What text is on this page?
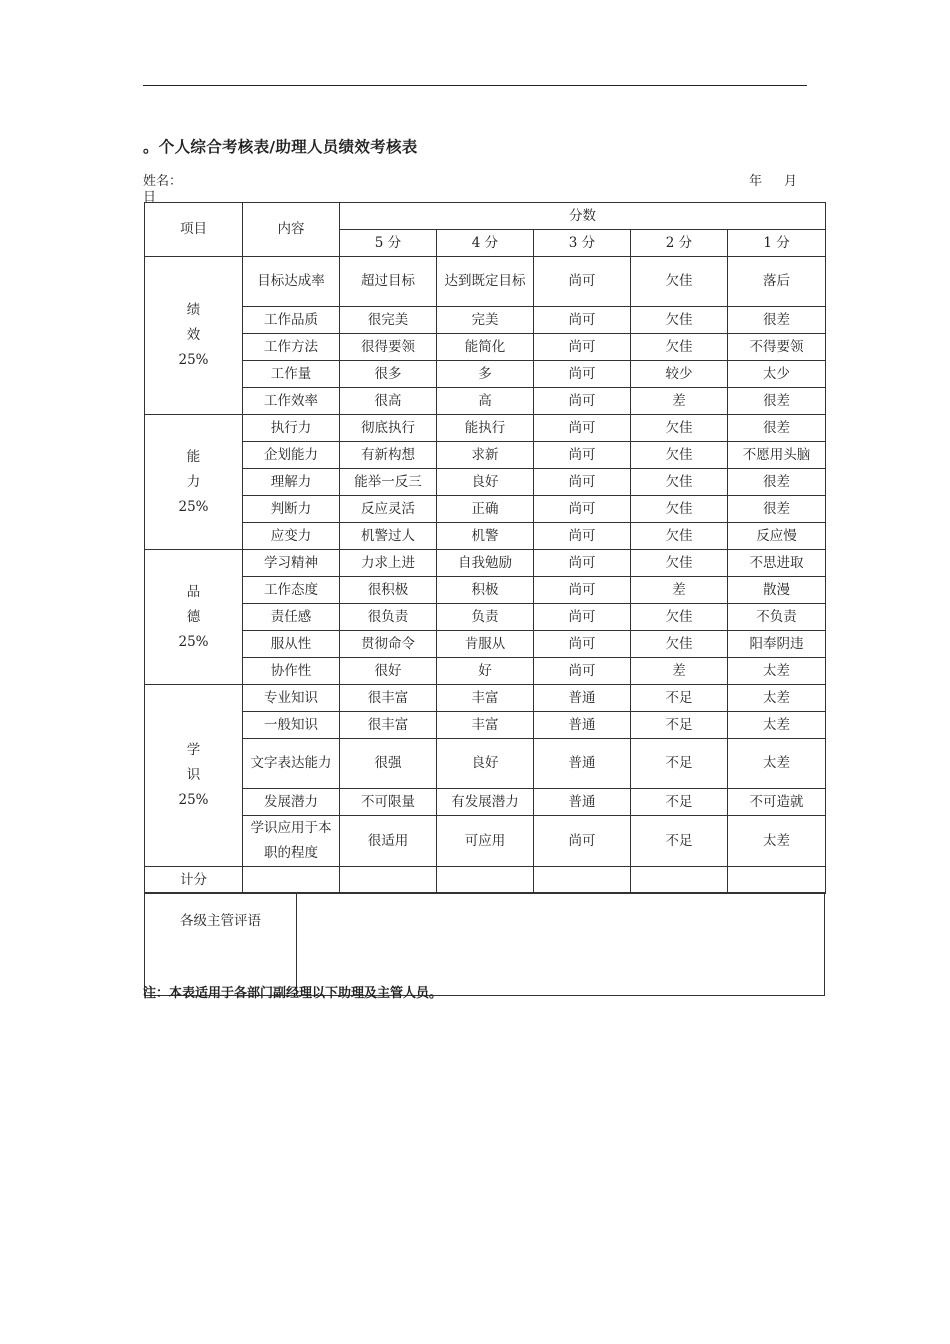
。个人综合考核表/助理人员绩效考核表
姓名：	年 月
日
项目	内容	分数				
		5 分	4 分	3 分	2 分	1 分

绩
效
25%	目标达成率	超过目标	达到既定目标	尚可	欠佳	落后
	工作品质	很完美	完美	尚可	欠佳	很差
	工作方法	很得要领	能简化	尚可	欠佳	不得要领
	工作量	很多	多	尚可	较少	太少
	工作效率	很高	高	尚可	差	很差

能
力
25%	执行力	彻底执行	能执行	尚可	欠佳	很差
	企划能力	有新构想	求新	尚可	欠佳	不愿用头脑
	理解力	能举一反三	良好	尚可	欠佳	很差
	判断力	反应灵活	正确	尚可	欠佳	很差
	应变力	机警过人	机警	尚可	欠佳	反应慢

品
德
25%	学习精神	力求上进	自我勉励	尚可	欠佳	不思进取
	工作态度	很积极	积极	尚可	差	散漫
	责任感	很负责	负责	尚可	欠佳	不负责
	服从性	贯彻命令	肯服从	尚可	欠佳	阳奉阴违
	协作性	很好	好	尚可	差	太差

学
识
25%	专业知识	很丰富	丰富	普通	不足	太差
	一般知识	很丰富	丰富	普通	不足	太差
	文字表达能力	很强	良好	普通	不足	太差
	发展潜力	不可限量	有发展潜力	普通	不足	不可造就
	学识应用于本职的程度	很适用	可应用	尚可	不足	太差
计分						
各级主管评语	
注：本表适用于各部门副经理以下助理及主管人员。
